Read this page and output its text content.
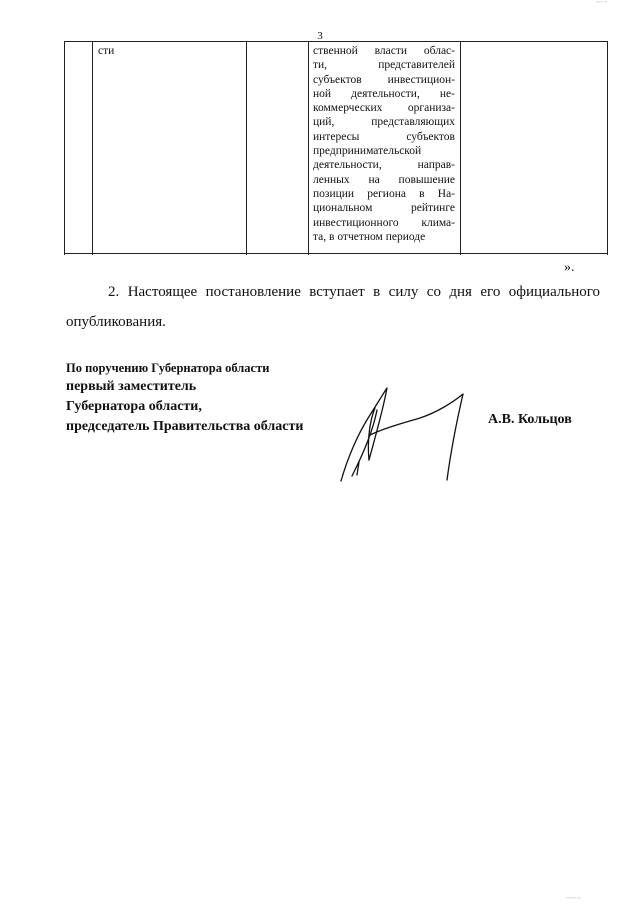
3
сти	ственной власти облас-
ти, представителей
субъектов инвестицион-
ной деятельности, не-
коммерческих организа-
ций, представляющих
интересы субъектов
предпринимательской
деятельности, направ-
ленных на повышение
позиции региона в На-
циональном рейтинге
инвестиционного клима-
та, в отчетном периоде
».
2. Настоящее постановление вступает в силу со дня его официального
опубликования.
По поручению Губернатора области
первый заместитель
Губернатора области,
председатель Правительства области	А.В. Кольцов
~~ ~
~~~ ~
